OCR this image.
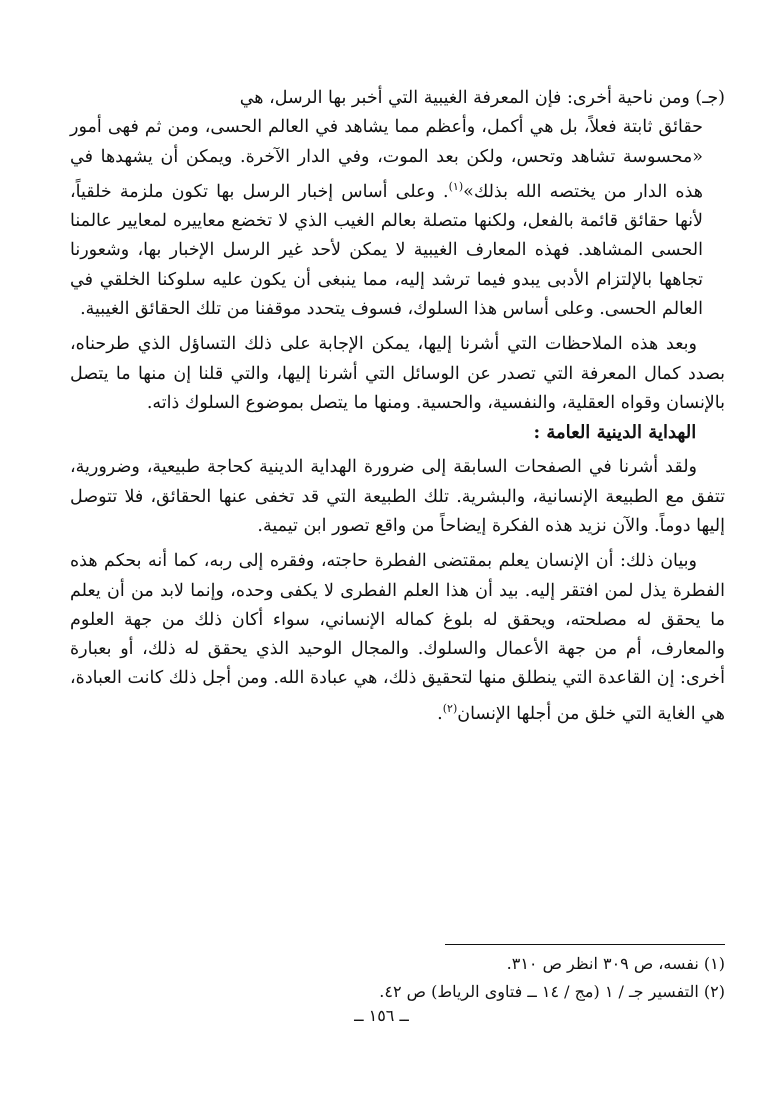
(جـ) ومن ناحية أخرى: فإن المعرفة الغيبية التي أخبر بها الرسل، هي

حقائق ثابتة فعلاً، بل هي أكمل، وأعظم مما يشاهد في العالم الحسى، ومن ثم فهى أمور «محسوسة تشاهد وتحس، ولكن بعد الموت، وفي الدار الآخرة. ويمكن أن يشهدها في هذه الدار من يختصه الله بذلك»$^{(١)}$. وعلى أساس إخبار الرسل بها تكون ملزمة خلقياً، لأنها حقائق قائمة بالفعل، ولكنها متصلة بعالم الغيب الذي لا تخضع معاييره لمعايير عالمنا الحسى المشاهد. فهذه المعارف الغيبية لا يمكن لأحد غير الرسل الإخبار بها، وشعورنا تجاهها بالإلتزام الأدبى يبدو فيما ترشد إليه، مما ينبغى أن يكون عليه سلوكنا الخلقي في العالم الحسى. وعلى أساس هذا السلوك، فسوف يتحدد موقفنا من تلك الحقائق الغيبية.

وبعد هذه الملاحظات التي أشرنا إليها، يمكن الإجابة على ذلك التساؤل الذي طرحناه، بصدد كمال المعرفة التي تصدر عن الوسائل التي أشرنا إليها، والتي قلنا إن منها ما يتصل بالإنسان وقواه العقلية، والنفسية، والحسية. ومنها ما يتصل بموضوع السلوك ذاته.

الهداية الدينية العامة :

ولقد أشرنا في الصفحات السابقة إلى ضرورة الهداية الدينية كحاجة طبيعية، وضرورية، تتفق مع الطبيعة الإنسانية، والبشرية. تلك الطبيعة التي قد تخفى عنها الحقائق، فلا تتوصل إليها دوماً. والآن نزيد هذه الفكرة إيضاحاً من واقع تصور ابن تيمية.

وبيان ذلك: أن الإنسان يعلم بمقتضى الفطرة حاجته، وفقره إلى ربه، كما أنه بحكم هذه الفطرة يذل لمن افتقر إليه. بيد أن هذا العلم الفطرى لا يكفى وحده، وإنما لابد من أن يعلم ما يحقق له مصلحته، ويحقق له بلوغ كماله الإنساني، سواء أكان ذلك من جهة العلوم والمعارف، أم من جهة الأعمال والسلوك. والمجال الوحيد الذي يحقق له ذلك، أو بعبارة أخرى: إن القاعدة التي ينطلق منها لتحقيق ذلك، هي عبادة الله. ومن أجل ذلك كانت العبادة، هي الغاية التي خلق من أجلها الإنسان$^{(٢)}$.

(١) نفسه، ص ٣٠٩ انظر ص ٣١٠.

(٢) التفسير جـ / ١ (مج / ١٤ ــ فتاوى الرياط) ص ٤٢.

ــ ١٥٦ ــ
